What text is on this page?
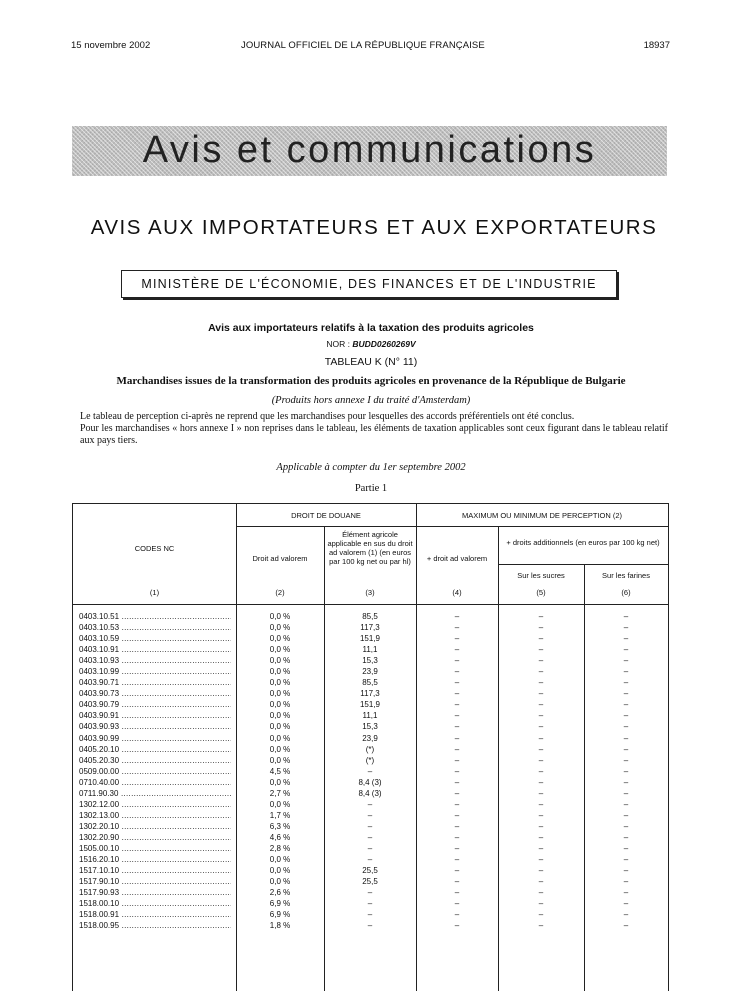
15 novembre 2002	JOURNAL OFFICIEL DE LA RÉPUBLIQUE FRANÇAISE	18937
Avis et communications
AVIS AUX IMPORTATEURS ET AUX EXPORTATEURS
MINISTÈRE DE L'ÉCONOMIE, DES FINANCES ET DE L'INDUSTRIE
Avis aux importateurs relatifs à la taxation des produits agricoles
NOR : BUDD0260269V
TABLEAU K (N° 11)
Marchandises issues de la transformation des produits agricoles en provenance de la République de Bulgarie
(Produits hors annexe I du traité d'Amsterdam)
Le tableau de perception ci-après ne reprend que les marchandises pour lesquelles des accords préférentiels ont été conclus.
Pour les marchandises « hors annexe I » non reprises dans le tableau, les éléments de taxation applicables sont ceux figurant dans le tableau relatif aux pays tiers.
Applicable à compter du 1er septembre 2002
Partie 1
CODES NC
DROIT DE DOUANE	MAXIMUM OU MINIMUM DE PERCEPTION (2)
Droit ad valorem
Élément agricole applicable en sus du droit ad valorem (1) (en euros par 100 kg net ou par hl)	+ droit ad valorem
+ droits additionnels (en euros par 100 kg net)
Sur les sucres	Sur les farines
(1)	(2)	(3)	(4)	(5)	(6)
0403.10.51 .....	0,0 %	85,5	–	–	–
0403.10.53 .....	0,0 %	117,3	–	–	–
0403.10.59 .....	0,0 %	151,9	–	–	–
0403.10.91 .....	0,0 %	11,1	–	–	–
0403.10.93 .....	0,0 %	15,3	–	–	–
0403.10.99 .....	0,0 %	23,9	–	–	–
0403.90.71 .....	0,0 %	85,5	–	–	–
0403.90.73 .....	0,0 %	117,3	–	–	–
0403.90.79 .....	0,0 %	151,9	–	–	–
0403.90.91 .....	0,0 %	11,1	–	–	–
0403.90.93 .....	0,0 %	15,3	–	–	–
0403.90.99 .....	0,0 %	23,9	–	–	–
0405.20.10 .....	0,0 %	(*)	–	–	–
0405.20.30 .....	0,0 %	(*)	–	–	–
0509.00.00 .....	4,5 %	–	–	–	–
0710.40.00 .....	0,0 %	8,4 (3)	–	–	–
0711.90.30 .....	2,7 %	8,4 (3)	–	–	–
1302.12.00 .....	0,0 %	–	–	–	–
1302.13.00 .....	1,7 %	–	–	–	–
1302.20.10 .....	6,3 %	–	–	–	–
1302.20.90 .....	4,6 %	–	–	–	–
1505.00.10 .....	2,8 %	–	–	–	–
1516.20.10 .....	0,0 %	–	–	–	–
1517.10.10 .....	0,0 %	25,5	–	–	–
1517.90.10 .....	0,0 %	25,5	–	–	–
1517.90.93 .....	2,6 %	–	–	–	–
1518.00.10 .....	6,9 %	–	–	–	–
1518.00.91 .....	6,9 %	–	–	–	–
1518.00.95 .....	1,8 %	–	–	–	–
